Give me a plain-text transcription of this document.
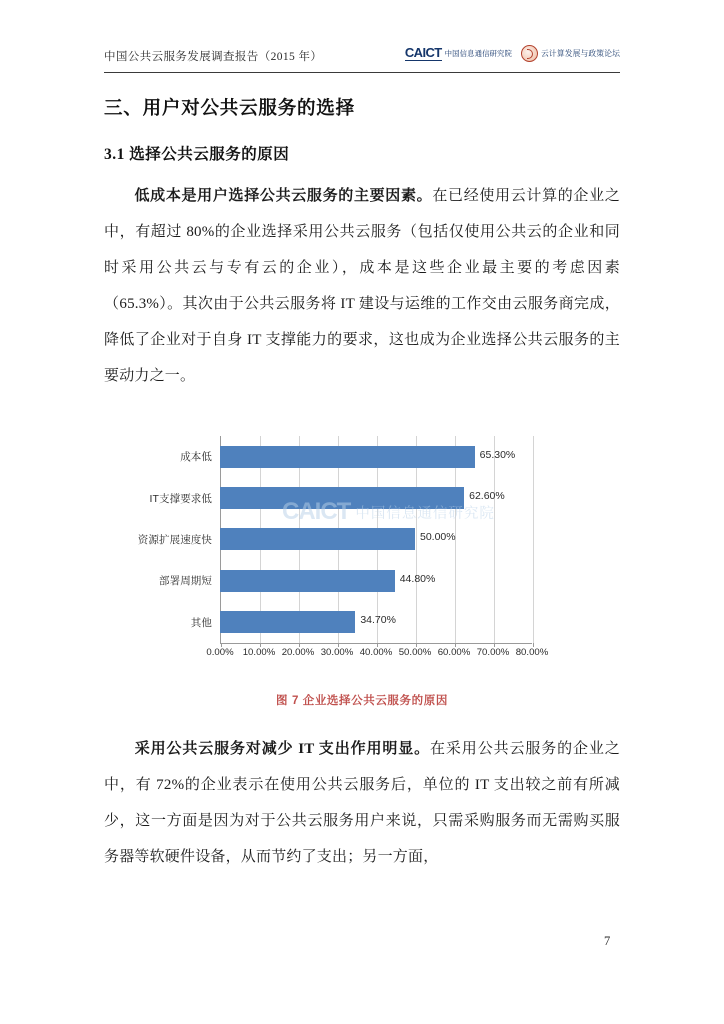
中国公共云服务发展调查报告（2015 年）	CAICT 中国信息通信研究院	云计算发展与政策论坛
三、用户对公共云服务的选择
3.1 选择公共云服务的原因
低成本是用户选择公共云服务的主要因素。在已经使用云计算的企业之中，有超过 80%的企业选择采用公共云服务（包括仅使用公共云的企业和同时采用公共云与专有云的企业），成本是这些企业最主要的考虑因素（65.3%）。其次由于公共云服务将 IT 建设与运维的工作交由云服务商完成，降低了企业对于自身 IT 支撑能力的要求，这也成为企业选择公共云服务的主要动力之一。
CAICT 中国信息通信研究院
成本低	65.30%
IT支撑要求低	62.60%
资源扩展速度快	50.00%
部署周期短	44.80%
其他	34.70%
0.00% 10.00% 20.00% 30.00% 40.00% 50.00% 60.00% 70.00% 80.00%
图 7 企业选择公共云服务的原因
采用公共云服务对减少 IT 支出作用明显。在采用公共云服务的企业之中，有 72%的企业表示在使用公共云服务后，单位的 IT 支出较之前有所减少，这一方面是因为对于公共云服务用户来说，只需采购服务而无需购买服务器等软硬件设备，从而节约了支出；另一方面，
7
